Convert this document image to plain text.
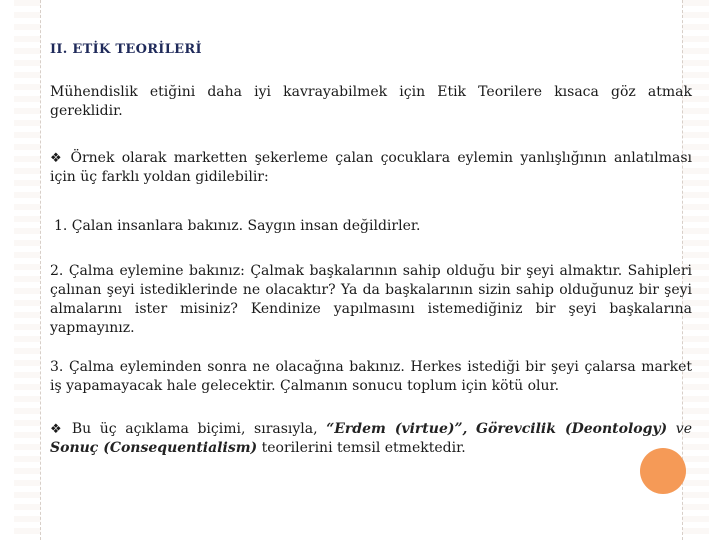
II. ETİK TEORİLERİ

Mühendislik etiğini daha iyi kavrayabilmek için Etik Teorilere kısaca göz atmak gereklidir.

❖ Örnek olarak marketten şekerleme çalan çocuklara eylemin yanlışlığının anlatılması için üç farklı yoldan gidilebilir:

1. Çalan insanlara bakınız. Saygın insan değildirler.

2. Çalma eylemine bakınız: Çalmak başkalarının sahip olduğu bir şeyi almaktır. Sahipleri çalınan şeyi istediklerinde ne olacaktır? Ya da başkalarının sizin sahip olduğunuz bir şeyi almalarını ister misiniz? Kendinize yapılmasını istemediğiniz bir şeyi başkalarına yapmayınız.

3. Çalma eyleminden sonra ne olacağına bakınız. Herkes istediği bir şeyi çalarsa market iş yapamayacak hale gelecektir. Çalmanın sonucu toplum için kötü olur.

❖ Bu üç açıklama biçimi, sırasıyla, “Erdem (virtue)”, Görevcilik (Deontology) ve Sonuç (Consequentialism) teorilerini temsil etmektedir.
